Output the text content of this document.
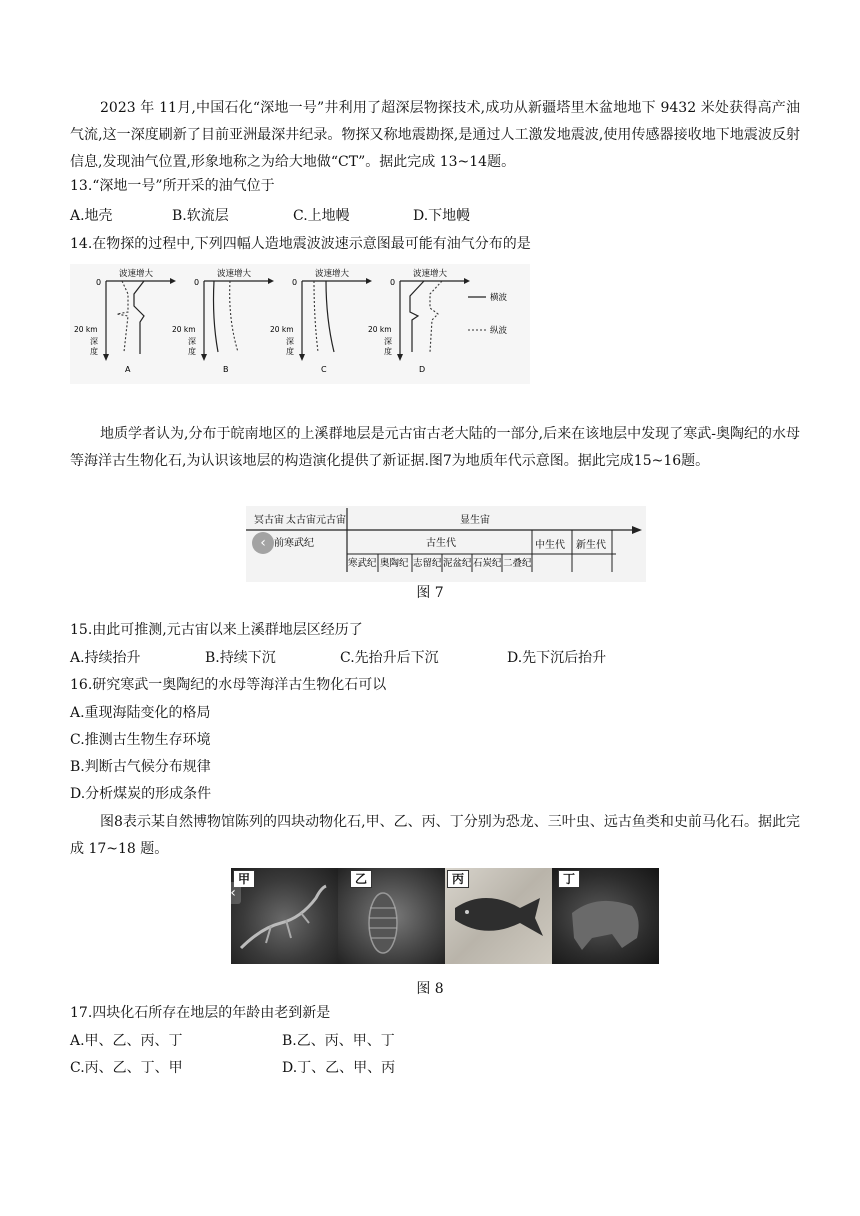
2023 年 11月,中国石化“深地一号”井利用了超深层物探技术,成功从新疆塔里木盆地地下 9432 米处获得高产油气流,这一深度刷新了目前亚洲最深井纪录。物探又称地震勘探,是通过人工激发地震波,使用传感器接收地下地震波反射信息,发现油气位置,形象地称之为给大地做“CT”。据此完成 13~14题。
13.“深地一号”所开采的油气位于
A.地壳	B.软流层	C.上地幔	D.下地幔
14.在物探的过程中,下列四幅人造地震波波速示意图最可能有油气分布的是
波速增大
0
20 km
深
度
A
波速增大
0
20 km
深
度
B
波速增大
0
20 km
深
度
C
波速增大
0
20 km
深
度
D
横波
纵波
地质学者认为,分布于皖南地区的上溪群地层是元古宙古老大陆的一部分,后来在该地层中发现了寒武-奥陶纪的水母等海洋古生物化石,为认识该地层的构造演化提供了新证据.图7为地质年代示意图。据此完成15~16题。
冥古宙 太古宙 元古宙	显生宙
前寒武纪	古生代	中生代 新生代
寒武纪 奥陶纪 志留纪 泥盆纪 石炭纪 二叠纪
‹
图 7
15.由此可推测,元古宙以来上溪群地层区经历了
A.持续抬升	B.持续下沉	C.先抬升后下沉	D.先下沉后抬升
16.研究寒武一奥陶纪的水母等海洋古生物化石可以
A.重现海陆变化的格局
C.推测古生物生存环境
B.判断古气候分布规律
D.分析煤炭的形成条件
图8表示某自然博物馆陈列的四块动物化石,甲、乙、丙、丁分别为恐龙、三叶虫、远古鱼类和史前马化石。据此完成 17~18 题。
甲	乙	丙	丁
‹
图 8
17.四块化石所存在地层的年龄由老到新是
A.甲、乙、丙、丁	B.乙、丙、甲、丁
C.丙、乙、丁、甲	D.丁、乙、甲、丙
